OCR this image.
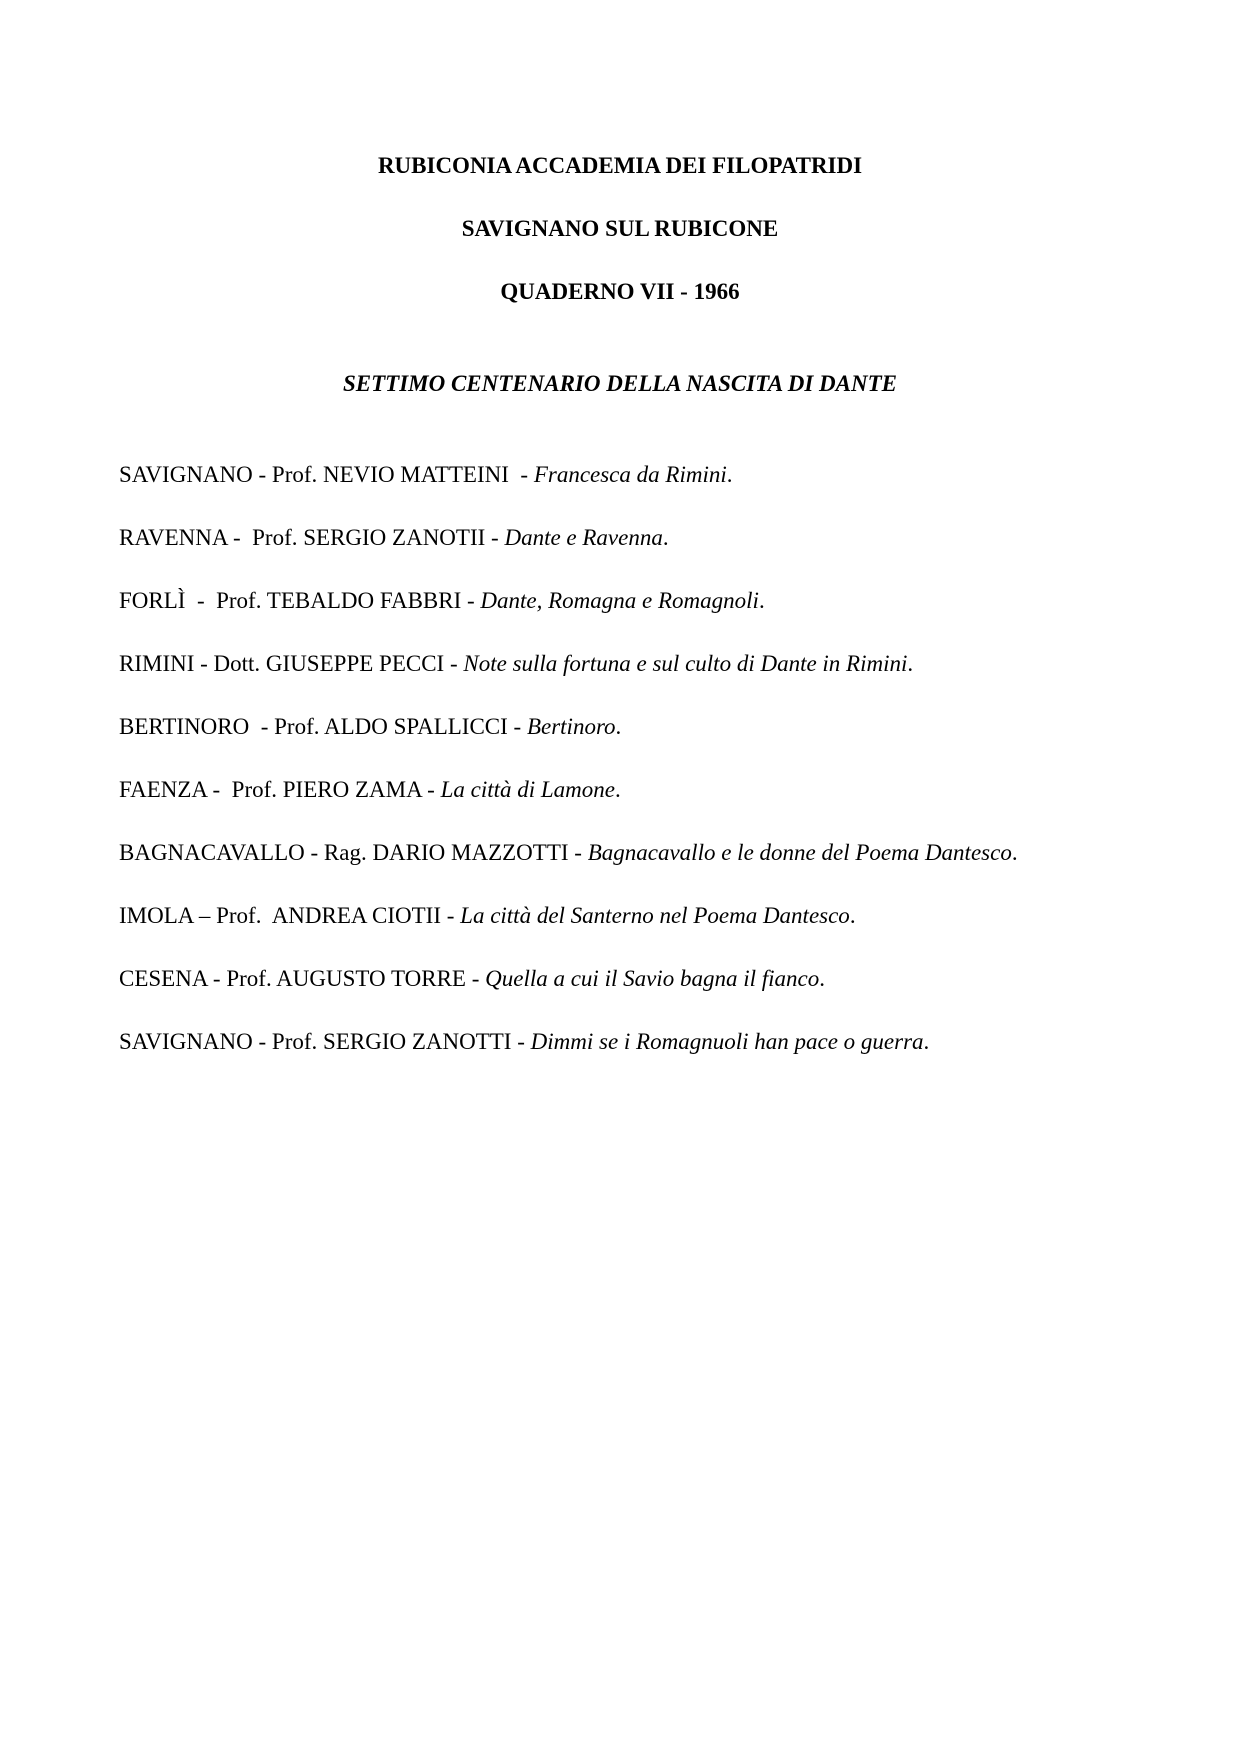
RUBICONIA ACCADEMIA DEI FILOPATRIDI
SAVIGNANO SUL RUBICONE
QUADERNO VII - 1966
SETTIMO CENTENARIO DELLA NASCITA DI DANTE
SAVIGNANO - Prof. NEVIO MATTEINI  - Francesca da Rimini.
RAVENNA -  Prof. SERGIO ZANOTII - Dante e Ravenna.
FORLÌ  -  Prof. TEBALDO FABBRI - Dante, Romagna e Romagnoli.
RIMINI - Dott. GIUSEPPE PECCI - Note sulla fortuna e sul culto di Dante in Rimini.
BERTINORO  - Prof. ALDO SPALLICCI - Bertinoro.
FAENZA -  Prof. PIERO ZAMA - La città di Lamone.
BAGNACAVALLO - Rag. DARIO MAZZOTTI - Bagnacavallo e le donne del Poema Dantesco.
IMOLA – Prof.  ANDREA CIOTII - La città del Santerno nel Poema Dantesco.
CESENA - Prof. AUGUSTO TORRE - Quella a cui il Savio bagna il fianco.
SAVIGNANO - Prof. SERGIO ZANOTTI - Dimmi se i Romagnuoli han pace o guerra.
